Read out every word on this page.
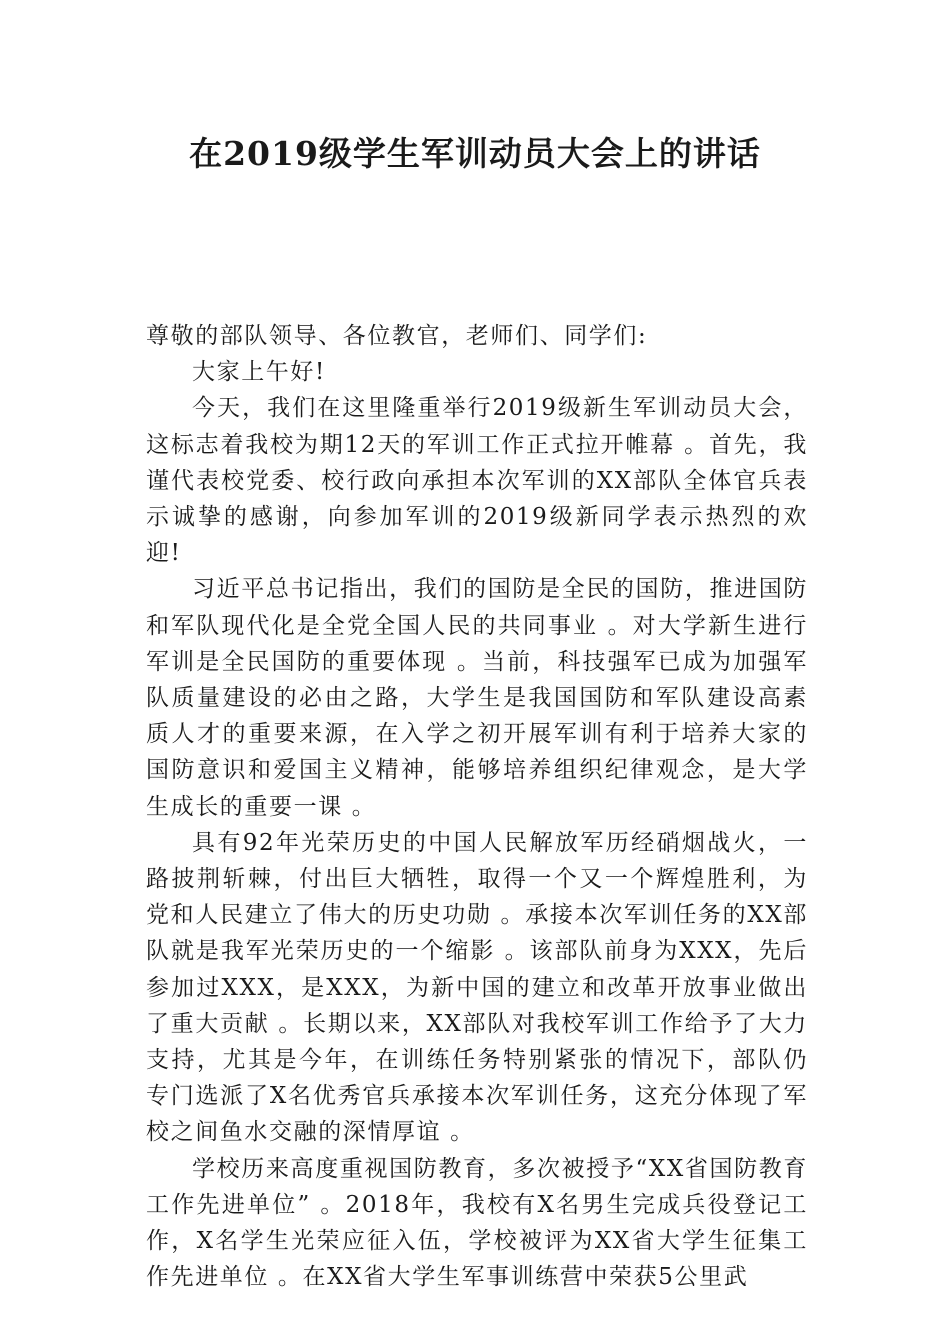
在2019级学生军训动员大会上的讲话

尊敬的部队领导、各位教官，老师们、同学们:

大家上午好!

今天，我们在这里隆重举行2019级新生军训动员大会，这标志着我校为期12天的军训工作正式拉开帷幕 。首先，我谨代表校党委、校行政向承担本次军训的XX部队全体官兵表示诚挚的感谢，向参加军训的2019级新同学表示热烈的欢迎!

习近平总书记指出，我们的国防是全民的国防，推进国防和军队现代化是全党全国人民的共同事业 。对大学新生进行军训是全民国防的重要体现 。当前，科技强军已成为加强军队质量建设的必由之路，大学生是我国国防和军队建设高素质人才的重要来源，在入学之初开展军训有利于培养大家的国防意识和爱国主义精神，能够培养组织纪律观念，是大学生成长的重要一课 。

具有92年光荣历史的中国人民解放军历经硝烟战火，一路披荆斩棘，付出巨大牺牲，取得一个又一个辉煌胜利，为党和人民建立了伟大的历史功勋 。承接本次军训任务的XX部队就是我军光荣历史的一个缩影 。该部队前身为XXX，先后参加过XXX，是XXX，为新中国的建立和改革开放事业做出了重大贡献 。长期以来，XX部队对我校军训工作给予了大力支持，尤其是今年，在训练任务特别紧张的情况下，部队仍专门选派了X名优秀官兵承接本次军训任务，这充分体现了军校之间鱼水交融的深情厚谊 。

学校历来高度重视国防教育，多次被授予“XX省国防教育工作先进单位” 。2018年，我校有X名男生完成兵役登记工作，X名学生光荣应征入伍，学校被评为XX省大学生征集工作先进单位 。在XX省大学生军事训练营中荣获5公里武
